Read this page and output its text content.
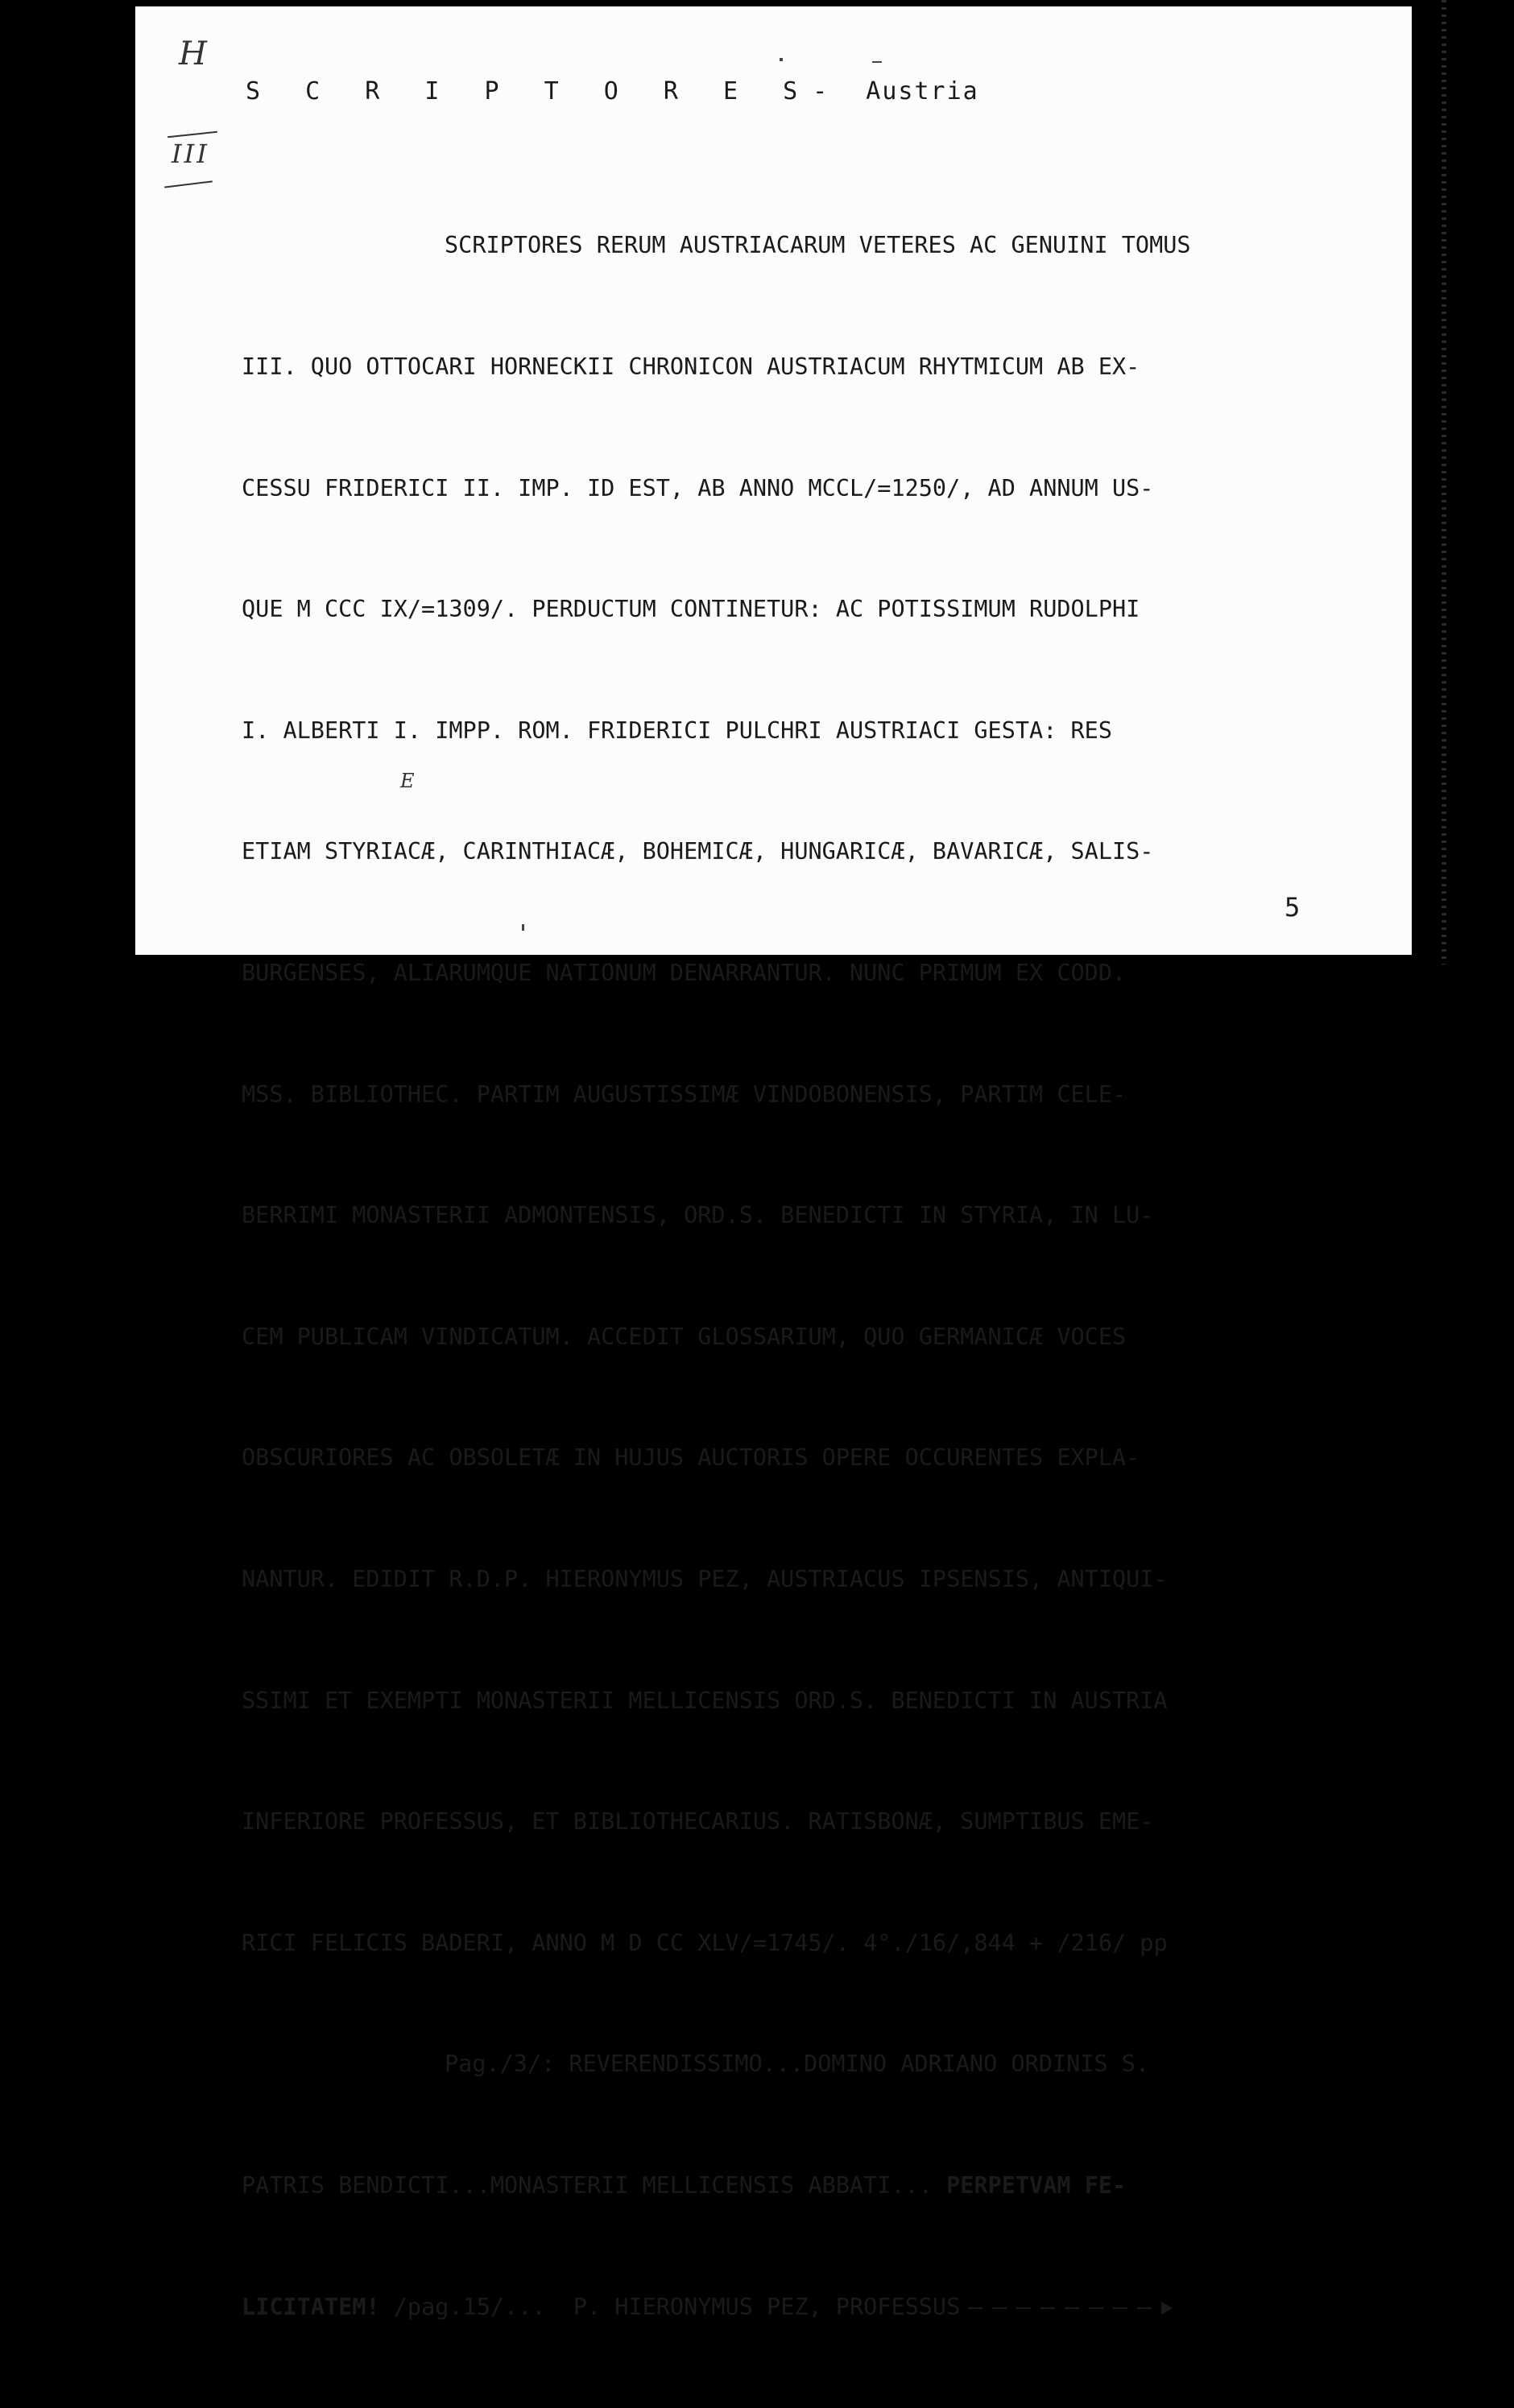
H
III
S C R I P T O R E S- Austria

SCRIPTORES RERUM AUSTRIACARUM VETERES AC GENUINI TOMUS

III. QUO OTTOCARI HORNECKII CHRONICON AUSTRIACUM RHYTMICUM AB EX-

CESSU FRIDERICI II. IMP. ID EST, AB ANNO MCCL/=1250/, AD ANNUM US-

QUE M CCC IX/=1309/. PERDUCTUM CONTINETUR: AC POTISSIMUM RUDOLPHI

I. ALBERTI I. IMPP. ROM. FRIDERICI PULCHRI AUSTRIACI GESTA: RES

ETIAM STYRIACÆ, CARINTHIACÆ, BOHEMICÆ, HUNGARICÆ, BAVARICÆ, SALIS-

BURGENSES, ALIARUMQUE NATIONUM DENARRANTUR. NUNC PRIMUM EX CODD.

MSS. BIBLIOTHEC. PARTIM AUGUSTISSIMÆ VINDOBONENSIS, PARTIM CELE-

BERRIMI MONASTERII ADMONTENSIS, ORD.S. BENEDICTI IN STYRIA, IN LU-

CEM PUBLICAM VINDICATUM. ACCEDIT GLOSSARIUM, QUO GERMANICÆ VOCES

OBSCURIORES AC OBSOLETÆ IN HUJUS AUCTORIS OPERE OCCURENTES EXPLA-

NANTUR. EDIDIT R.D.P. HIERONYMUS PEZ, AUSTRIACUS IPSENSIS, ANTIQUI-

SSIMI ET EXEMPTI MONASTERII MELLICENSIS ORD.S. BENEDICTI IN AUSTRIA

INFERIORE PROFESSUS, ET BIBLIOTHECARIUS. RATISBONÆ, SUMPTIBUS EME-

RICI FELICIS BADERI, ANNO M D CC XLV/=1745/. 4°./16/,844 + /216/ pp

Pag./3/: REVERENDISSIMO...DOMINO ADRIANO ORDINIS S.

PATRIS BENDICTI...MONASTERII MELLICENSIS ABBATI... PERPETVAM FE-

LICITATEM! /pag.15/...  P. HIERONYMUS PEZ, PROFESSUS

E
5
